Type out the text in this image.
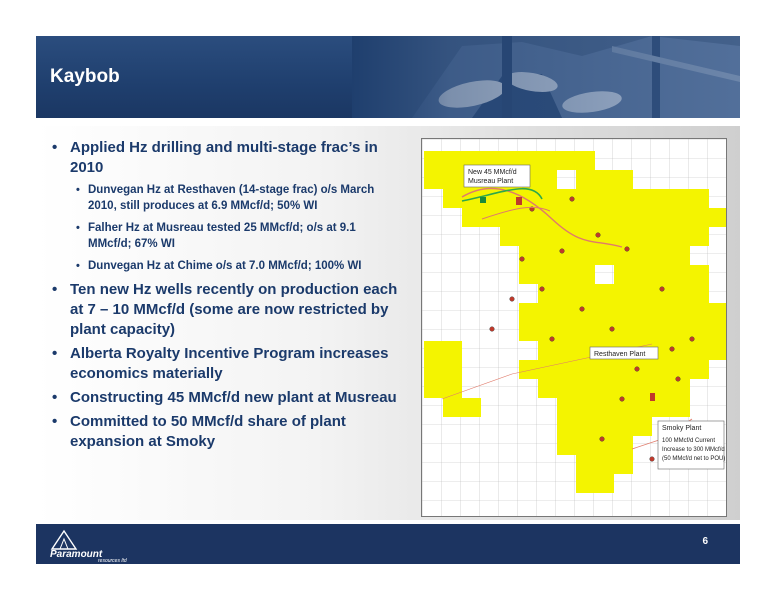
Kaybob
• Applied Hz drilling and multi-stage frac’s in 2010
• Dunvegan Hz at Resthaven (14-stage frac) o/s March 2010, still produces at 6.9 MMcf/d; 50% WI
• Falher Hz at Musreau tested 25 MMcf/d; o/s at 9.1 MMcf/d; 67% WI
• Dunvegan Hz at Chime o/s at 7.0 MMcf/d; 100% WI
• Ten new Hz wells recently on production each at 7 – 10 MMcf/d (some are now restricted by plant capacity)
• Alberta Royalty Incentive Program increases economics materially
• Constructing 45 MMcf/d new plant at Musreau
• Committed to 50 MMcf/d share of plant expansion at Smoky
New 45 MMcf/d
Musreau Plant
Resthaven Plant
Smoky Plant
100 MMcf/d Current
Increase to 300 MMcf/d
(50 MMcf/d net to POU)
Paramount
resources ltd
6
